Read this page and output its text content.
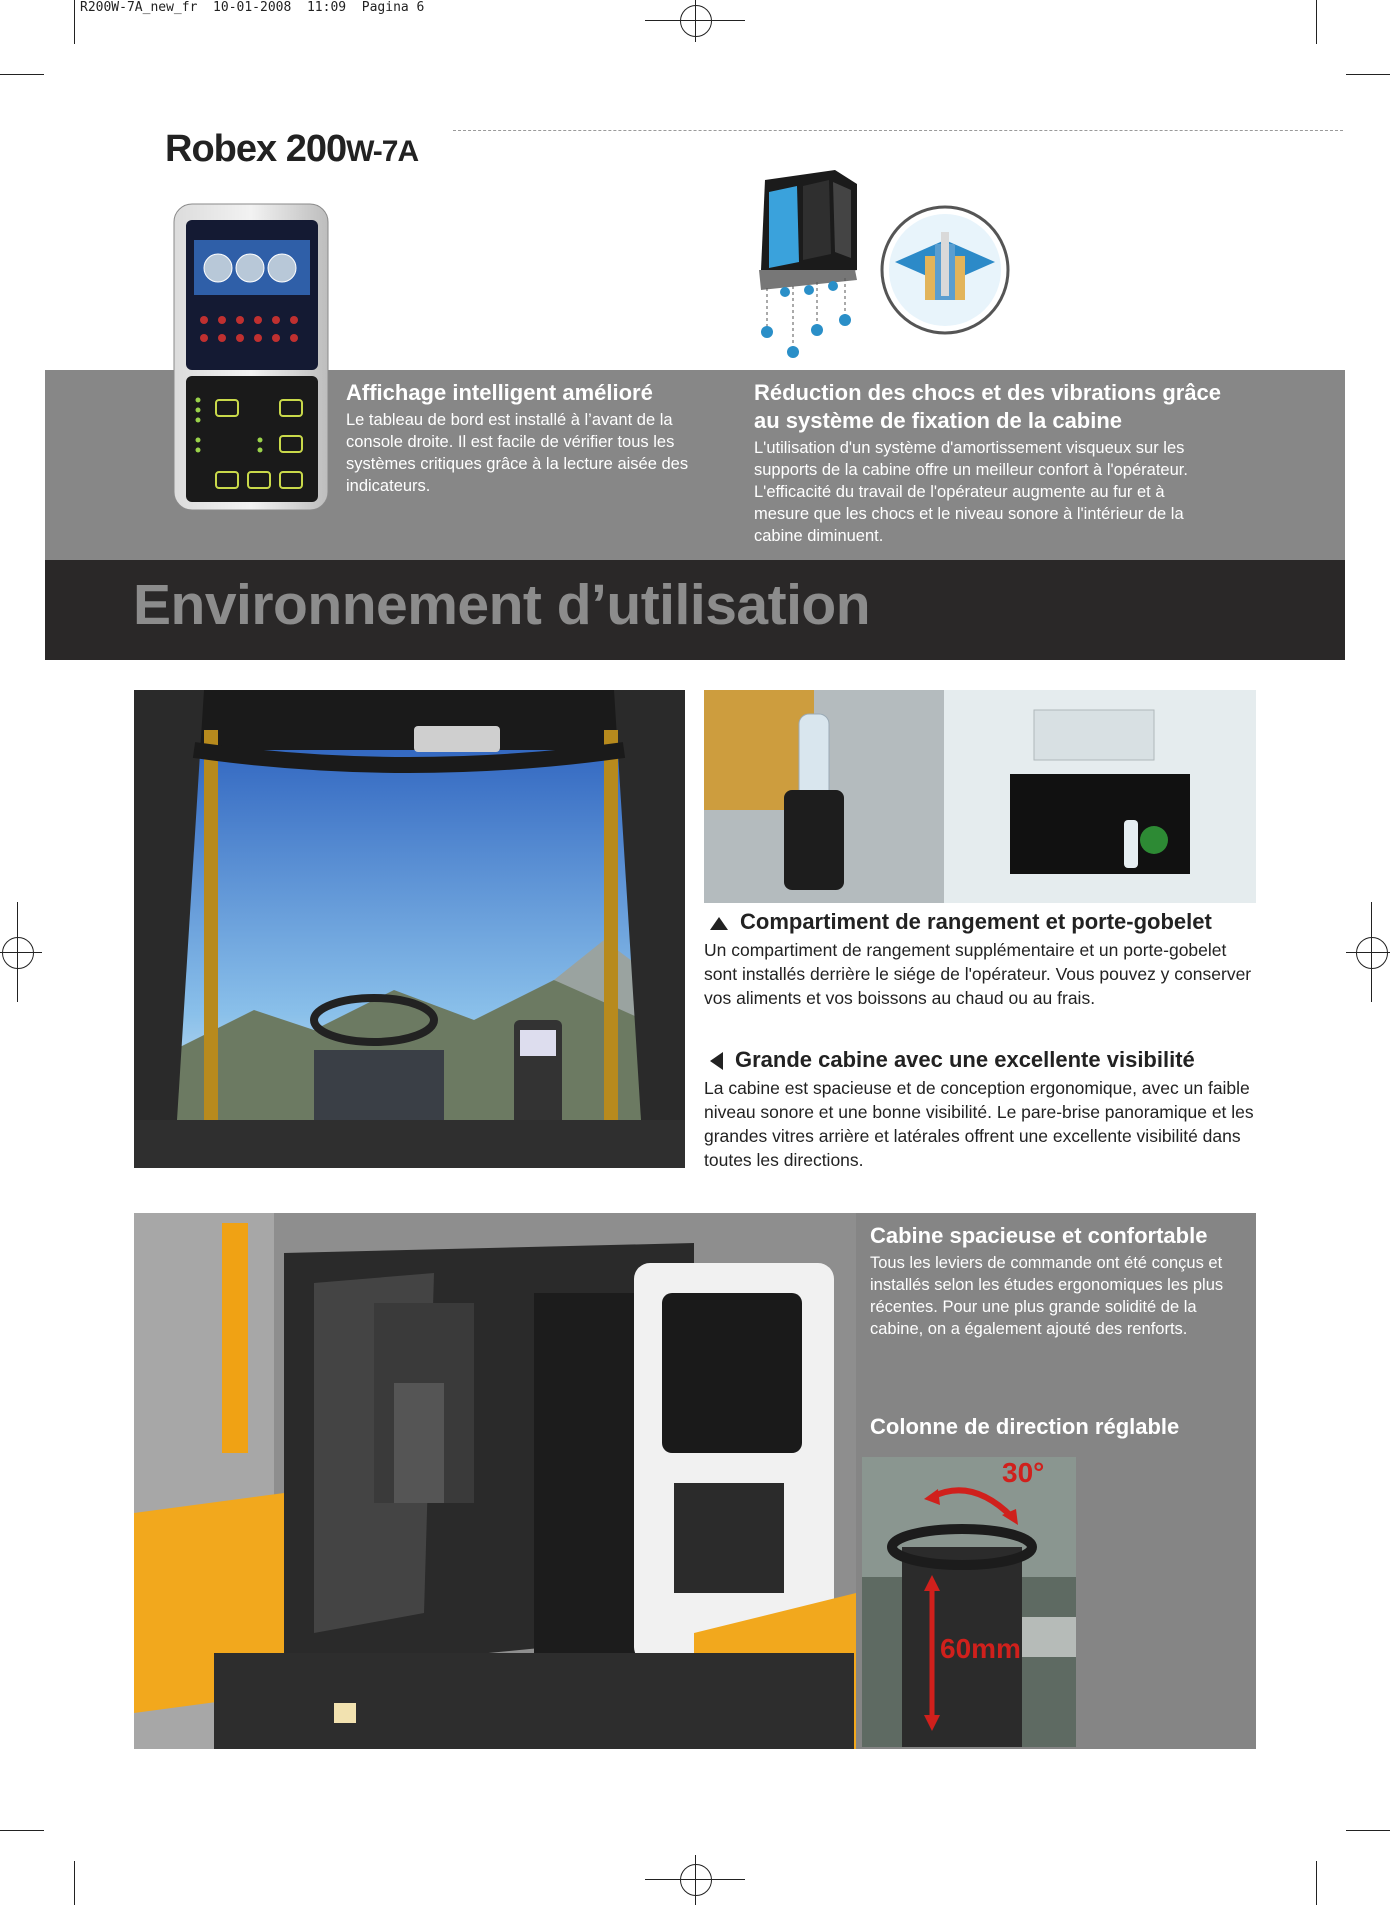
R200W-7A_new_fr  10-01-2008  11:09  Pagina 6
Robex 200W-7A
Environnement d’utilisation
Affichage intelligent amélioré
Le tableau de bord est installé à l’avant de la console droite. Il est facile de vérifier tous les systèmes critiques grâce à la lecture aisée des indicateurs.
Réduction des chocs et des vibrations grâce au système de fixation de la cabine
L'utilisation d'un système d'amortissement visqueux sur les supports de la cabine offre un meilleur confort à l'opérateur. L'efficacité du travail de l'opérateur augmente au fur et à mesure que les chocs et le niveau sonore à l'intérieur de la cabine diminuent.
Compartiment de rangement et porte-gobelet
Un compartiment de rangement supplémentaire et un porte-gobelet sont installés derrière le siége de l'opérateur. Vous pouvez y conserver vos aliments et vos boissons au chaud ou au frais.
Grande cabine avec une excellente visibilité
La cabine est spacieuse et de conception ergonomique, avec un faible niveau sonore et une bonne visibilité. Le pare-brise panoramique et les grandes vitres arrière et latérales offrent une excellente visibilité dans toutes les directions.
Cabine spacieuse et confortable
Tous les leviers de commande ont été conçus et installés selon les études ergonomiques les plus récentes. Pour une plus grande solidité de la cabine, on a également ajouté des renforts.
Colonne de direction réglable
30°
60mm
